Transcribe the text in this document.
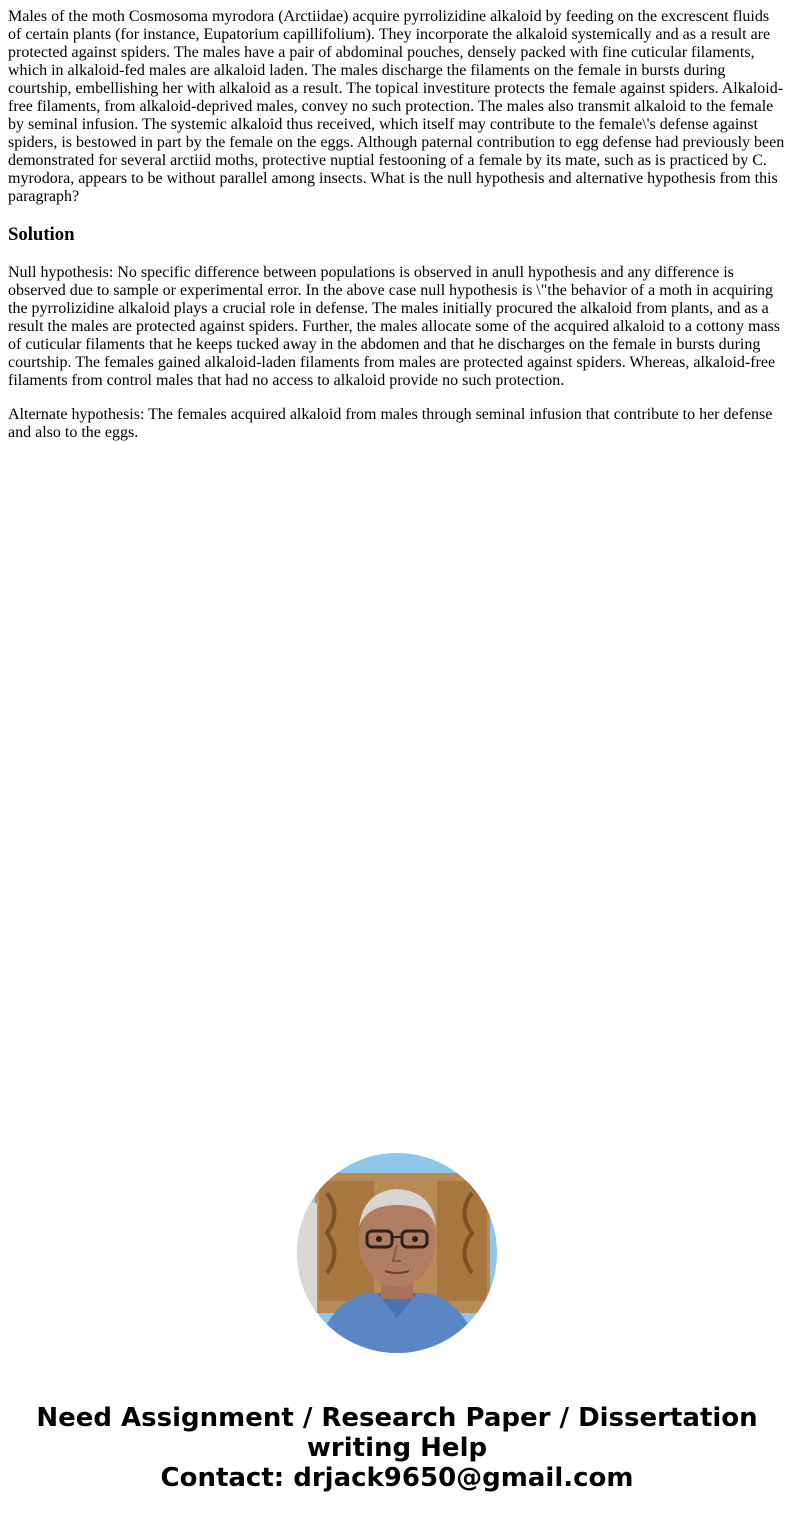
Males of the moth Cosmosoma myrodora (Arctiidae) acquire pyrrolizidine alkaloid by feeding on the excrescent fluids of certain plants (for instance, Eupatorium capillifolium). They incorporate the alkaloid systemically and as a result are protected against spiders. The males have a pair of abdominal pouches, densely packed with fine cuticular filaments, which in alkaloid-fed males are alkaloid laden. The males discharge the filaments on the female in bursts during courtship, embellishing her with alkaloid as a result. The topical investiture protects the female against spiders. Alkaloid-free filaments, from alkaloid-deprived males, convey no such protection. The males also transmit alkaloid to the female by seminal infusion. The systemic alkaloid thus received, which itself may contribute to the female\'s defense against spiders, is bestowed in part by the female on the eggs. Although paternal contribution to egg defense had previously been demonstrated for several arctiid moths, protective nuptial festooning of a female by its mate, such as is practiced by C. myrodora, appears to be without parallel among insects. What is the null hypothesis and alternative hypothesis from this paragraph?

Solution

Null hypothesis: No specific difference between populations is observed in anull hypothesis and any difference is observed due to sample or experimental error. In the above case null hypothesis is \"the behavior of a moth in acquiring the pyrrolizidine alkaloid plays a crucial role in defense. The males initially procured the alkaloid from plants, and as a result the males are protected against spiders. Further, the males allocate some of the acquired alkaloid to a cottony mass of cuticular filaments that he keeps tucked away in the abdomen and that he discharges on the female in bursts during courtship. The females gained alkaloid-laden filaments from males are protected against spiders. Whereas, alkaloid-free filaments from control males that had no access to alkaloid provide no such protection.

Alternate hypothesis: The females acquired alkaloid from males through seminal infusion that contribute to her defense and also to the eggs.

Need Assignment / Research Paper / Dissertation
writing Help
Contact: drjack9650@gmail.com
